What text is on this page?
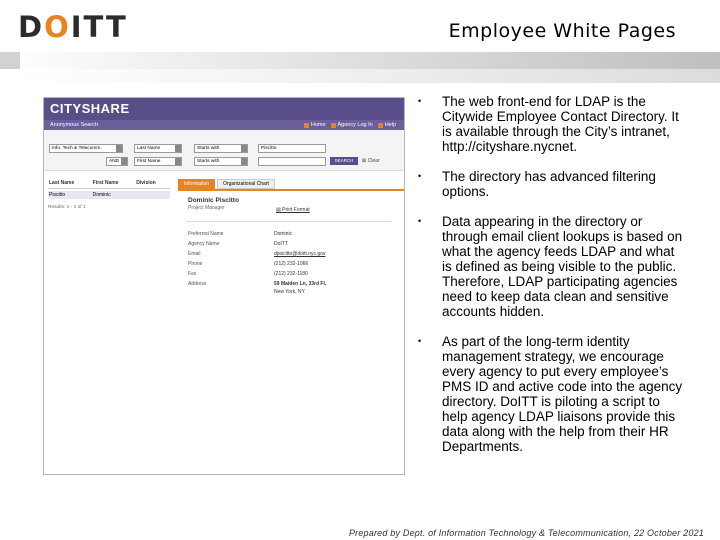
D O ITT	Employee White Pages
CITYSHARE
Anonymous Search	Home Agency Log In Help
Info. Tech & Telecomm.	Last Name	Starts with	Piscitto
AND	First Name	Starts with	SEARCH	⊠ Clear
Last Name	First Name	Division
Piscitto	Dominic
Results: 1 - 1 of 1
Information	Organizational Chart
Dominic Piscitto
Project Manager	▤ Print Format
Preferred Name	Dominic
Agency Name	DoITT
Email	dpiscitto@doitt.nyc.gov
Phone	(212) 232-1066
Fax	(212) 232-1180
Address	59 Maiden Ln, 33rd Fl.
New York, NY
• The web front-end for LDAP is the Citywide Employee Contact Directory. It is available through the City’s intranet, http://cityshare.nycnet.
• The directory has advanced filtering options.
• Data appearing in the directory or through email client lookups is based on what the agency feeds LDAP and what is defined as being visible to the public. Therefore, LDAP participating agencies need to keep data clean and sensitive accounts hidden.
• As part of the long-term identity management strategy, we encourage every agency to put every employee’s PMS ID and active code into the agency directory. DoITT is piloting a script to help agency LDAP liaisons provide this data along with the help from their HR Departments.
Prepared by Dept. of Information Technology & Telecommunication, 22 October 2021
